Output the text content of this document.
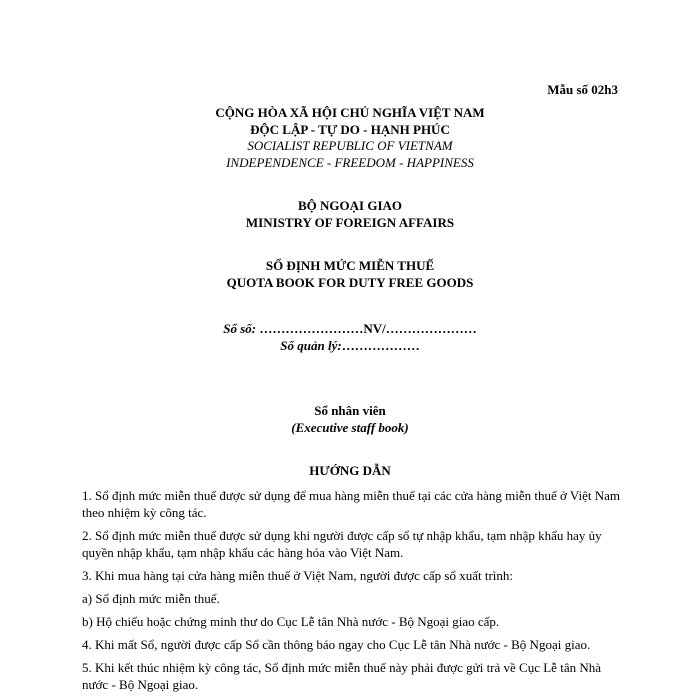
Mẫu số 02h3
CỘNG HÒA XÃ HỘI CHỦ NGHĨA VIỆT NAM
ĐỘC LẬP - TỰ DO - HẠNH PHÚC
SOCIALIST REPUBLIC OF VIETNAM
INDEPENDENCE - FREEDOM - HAPPINESS
BỘ NGOẠI GIAO
MINISTRY OF FOREIGN AFFAIRS
SỔ ĐỊNH MỨC MIỄN THUẾ
QUOTA BOOK FOR DUTY FREE GOODS
Sổ số: ……………………NV/…………………
Số quản lý:………………
Sổ nhân viên
(Executive staff book)
HƯỚNG DẪN

1. Sổ định mức miễn thuế được sử dụng để mua hàng miễn thuế tại các cửa hàng miễn thuế ở Việt Nam theo nhiệm kỳ công tác.

2. Sổ định mức miễn thuế được sử dụng khi người được cấp sổ tự nhập khẩu, tạm nhập khẩu hay ủy quyền nhập khẩu, tạm nhập khẩu các hàng hóa vào Việt Nam.

3. Khi mua hàng tại cửa hàng miễn thuế ở Việt Nam, người được cấp sổ xuất trình:

a) Sổ định mức miễn thuế.

b) Hộ chiếu hoặc chứng minh thư do Cục Lễ tân Nhà nước - Bộ Ngoại giao cấp.

4. Khi mất Sổ, người được cấp Sổ cần thông báo ngay cho Cục Lễ tân Nhà nước - Bộ Ngoại giao.

5. Khi kết thúc nhiệm kỳ công tác, Sổ định mức miễn thuế này phải được gửi trả về Cục Lễ tân Nhà nước - Bộ Ngoại giao.
